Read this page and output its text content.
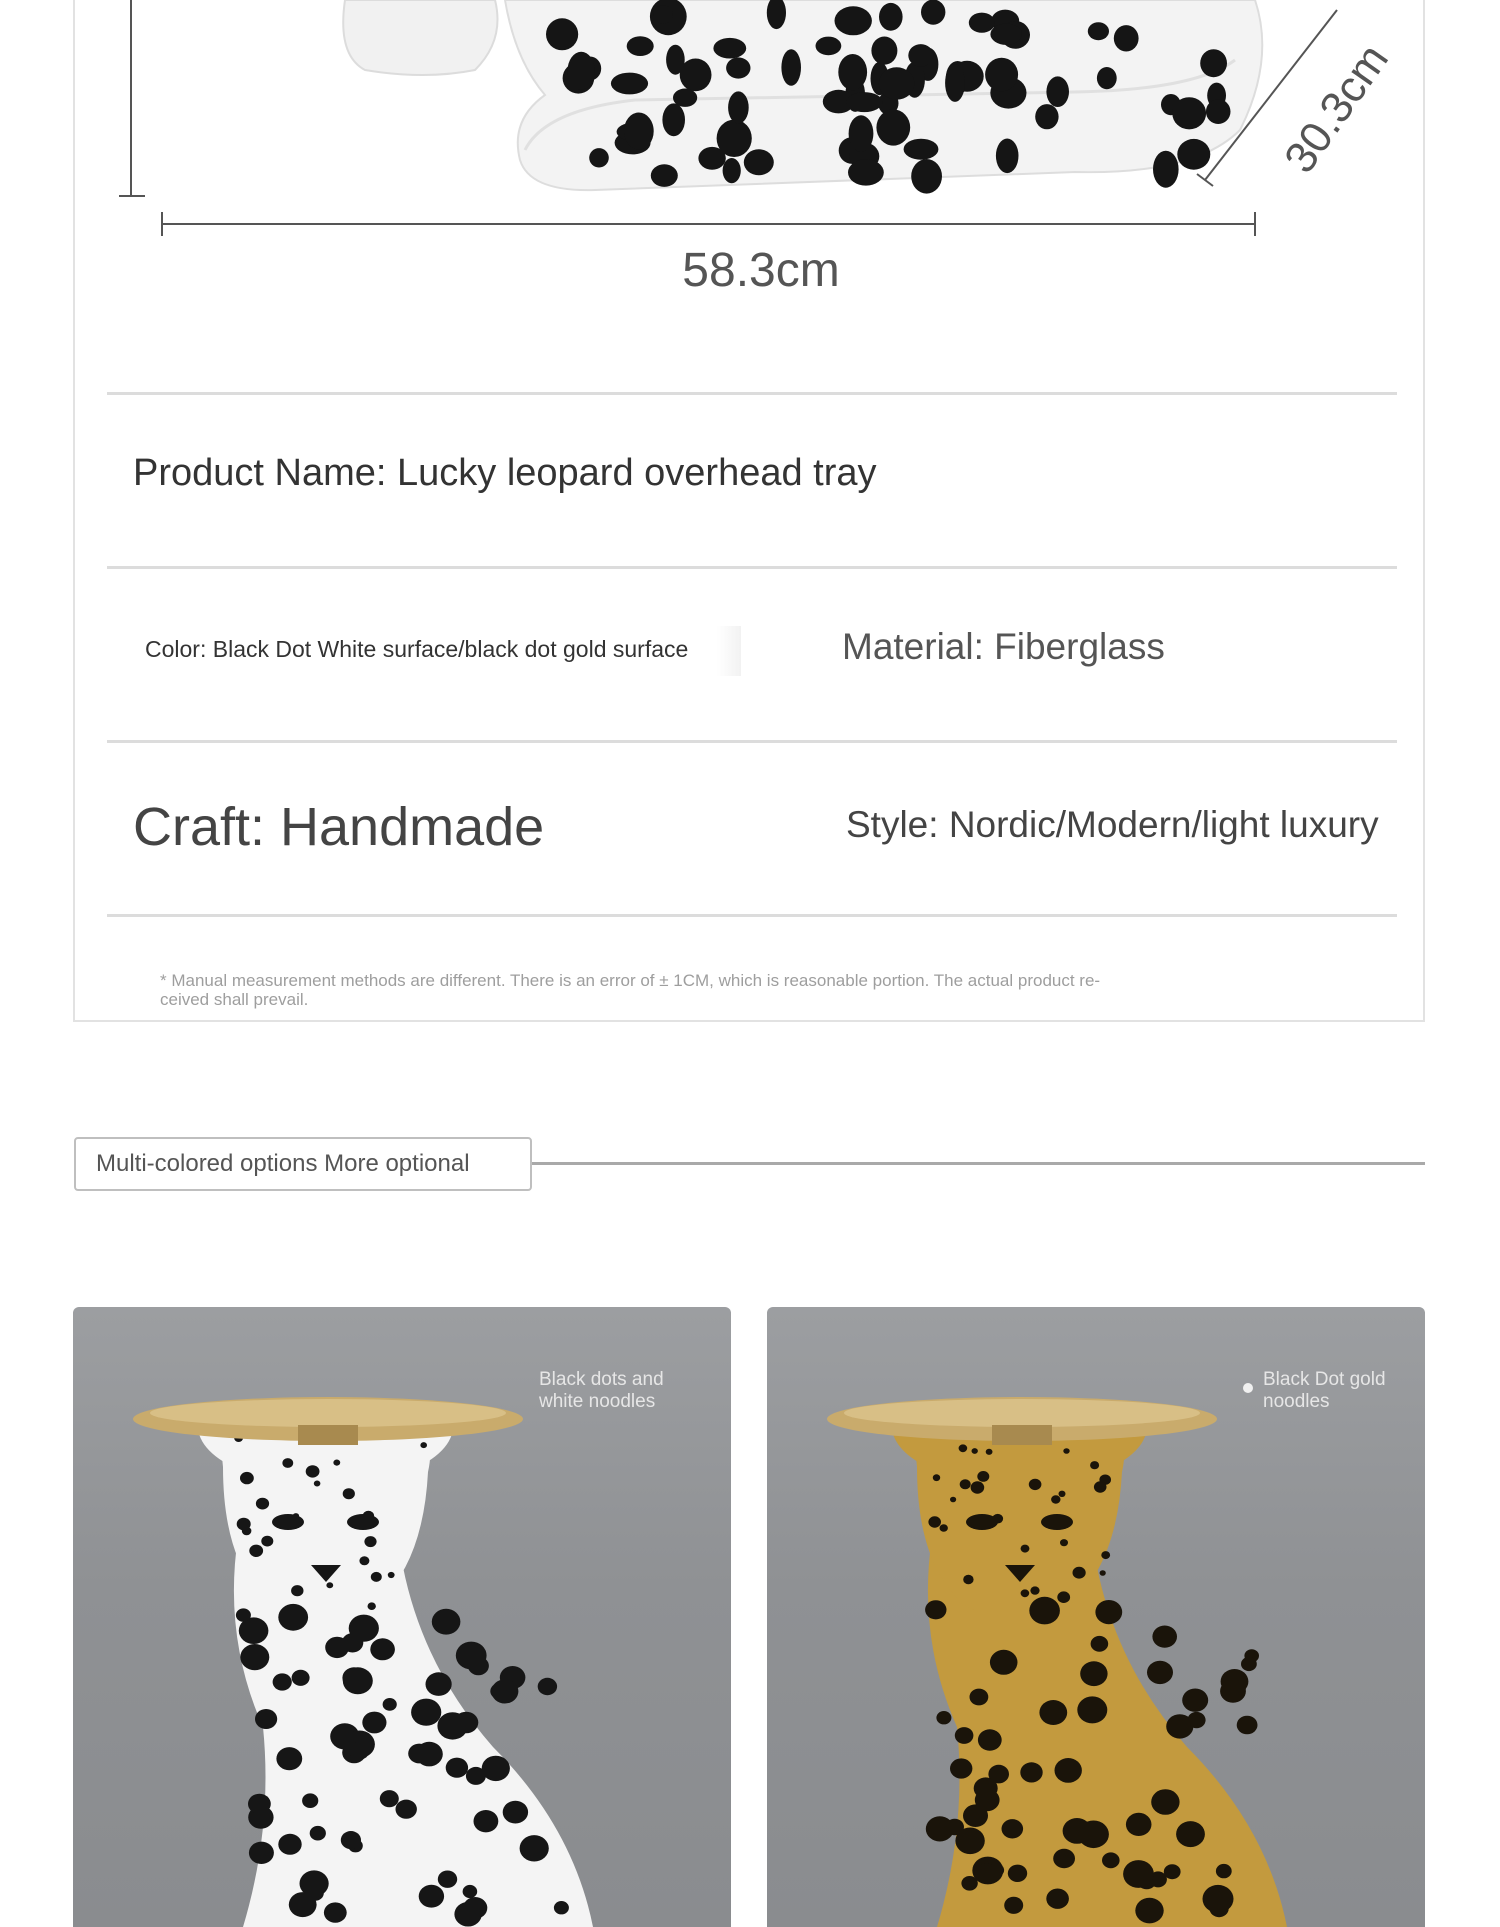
58.3cm
30.3cm
Product Name: Lucky leopard overhead tray
Color: Black Dot White surface/black dot gold surface	Material: Fiberglass
Craft: Handmade	Style: Nordic/Modern/light luxury
* Manual measurement methods are different. There is an error of ± 1CM, which is reasonable portion. The actual product re-
ceived shall prevail.
Multi-colored options More optional
Black dots and
white noodles
Black Dot gold
noodles
